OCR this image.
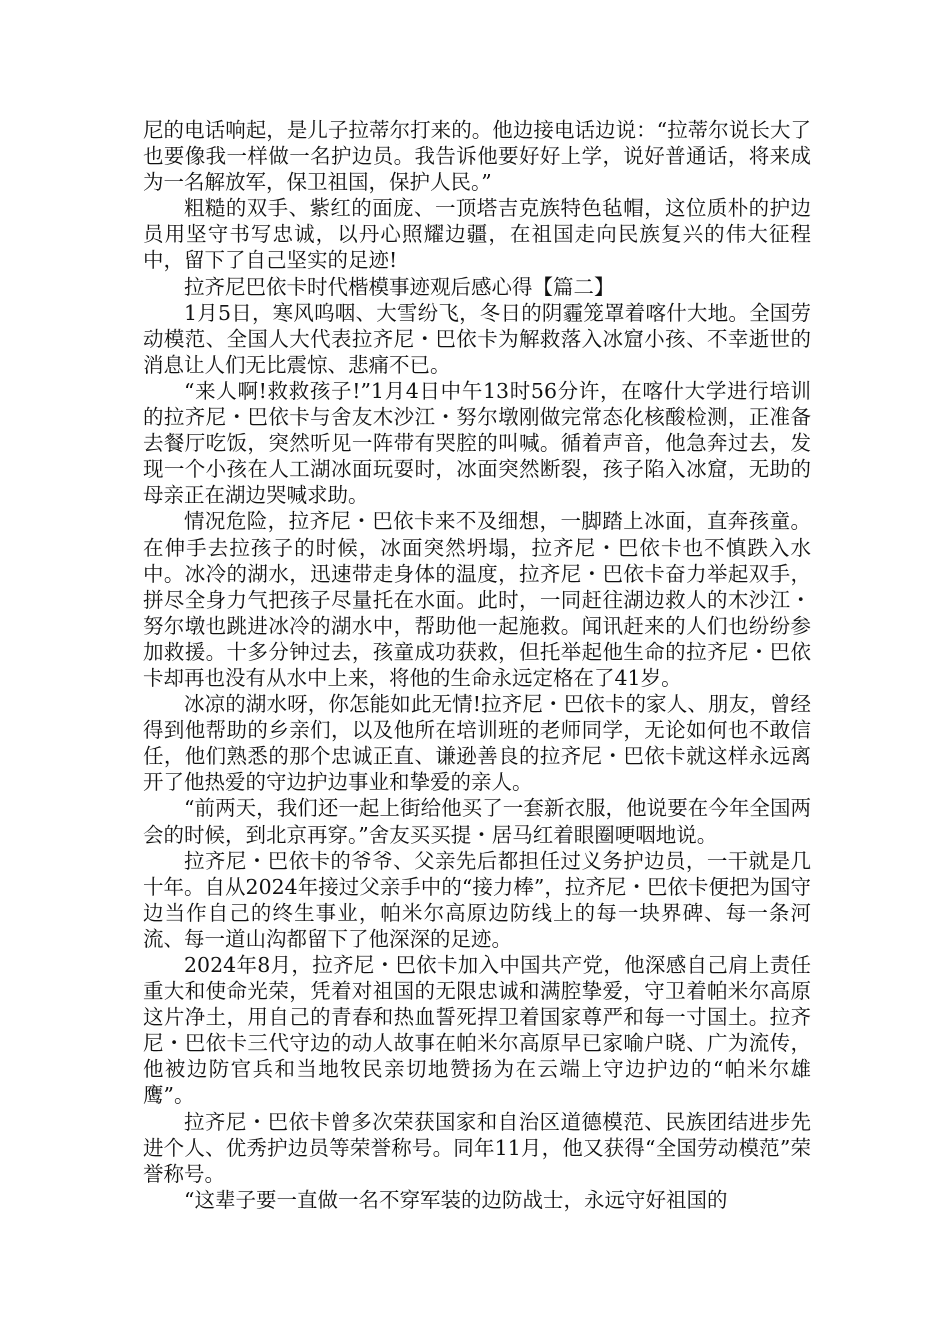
尼的电话响起，是儿子拉蒂尔打来的。他边接电话边说：“拉蒂尔说长大了也要像我一样做一名护边员。我告诉他要好好上学，说好普通话，将来成为一名解放军，保卫祖国，保护人民。”

粗糙的双手、紫红的面庞、一顶塔吉克族特色毡帽，这位质朴的护边员用坚守书写忠诚，以丹心照耀边疆，在祖国走向民族复兴的伟大征程中，留下了自己坚实的足迹!

拉齐尼巴依卡时代楷模事迹观后感心得【篇二】

1月5日，寒风呜咽、大雪纷飞，冬日的阴霾笼罩着喀什大地。全国劳动模范、全国人大代表拉齐尼・巴依卡为解救落入冰窟小孩、不幸逝世的消息让人们无比震惊、悲痛不已。

“来人啊!救救孩子!”1月4日中午13时56分许，在喀什大学进行培训的拉齐尼・巴依卡与舍友木沙江・努尔墩刚做完常态化核酸检测，正准备去餐厅吃饭，突然听见一阵带有哭腔的叫喊。循着声音，他急奔过去，发现一个小孩在人工湖冰面玩耍时，冰面突然断裂，孩子陷入冰窟，无助的母亲正在湖边哭喊求助。

情况危险，拉齐尼・巴依卡来不及细想，一脚踏上冰面，直奔孩童。在伸手去拉孩子的时候，冰面突然坍塌，拉齐尼・巴依卡也不慎跌入水中。冰冷的湖水，迅速带走身体的温度，拉齐尼・巴依卡奋力举起双手，拼尽全身力气把孩子尽量托在水面。此时，一同赶往湖边救人的木沙江・努尔墩也跳进冰冷的湖水中，帮助他一起施救。闻讯赶来的人们也纷纷参加救援。十多分钟过去，孩童成功获救，但托举起他生命的拉齐尼・巴依卡却再也没有从水中上来，将他的生命永远定格在了41岁。

冰凉的湖水呀，你怎能如此无情!拉齐尼・巴依卡的家人、朋友，曾经得到他帮助的乡亲们，以及他所在培训班的老师同学，无论如何也不敢信任，他们熟悉的那个忠诚正直、谦逊善良的拉齐尼・巴依卡就这样永远离开了他热爱的守边护边事业和挚爱的亲人。

“前两天，我们还一起上街给他买了一套新衣服，他说要在今年全国两会的时候，到北京再穿。”舍友买买提・居马红着眼圈哽咽地说。

拉齐尼・巴依卡的爷爷、父亲先后都担任过义务护边员，一干就是几十年。自从2024年接过父亲手中的“接力棒”，拉齐尼・巴依卡便把为国守边当作自己的终生事业，帕米尔高原边防线上的每一块界碑、每一条河流、每一道山沟都留下了他深深的足迹。

2024年8月，拉齐尼・巴依卡加入中国共产党，他深感自己肩上责任重大和使命光荣，凭着对祖国的无限忠诚和满腔挚爱，守卫着帕米尔高原这片净土，用自己的青春和热血誓死捍卫着国家尊严和每一寸国土。拉齐尼・巴依卡三代守边的动人故事在帕米尔高原早已家喻户晓、广为流传，他被边防官兵和当地牧民亲切地赞扬为在云端上守边护边的“帕米尔雄鹰”。

拉齐尼・巴依卡曾多次荣获国家和自治区道德模范、民族团结进步先进个人、优秀护边员等荣誉称号。同年11月，他又获得“全国劳动模范”荣誉称号。

“这辈子要一直做一名不穿军装的边防战士，永远守好祖国的
